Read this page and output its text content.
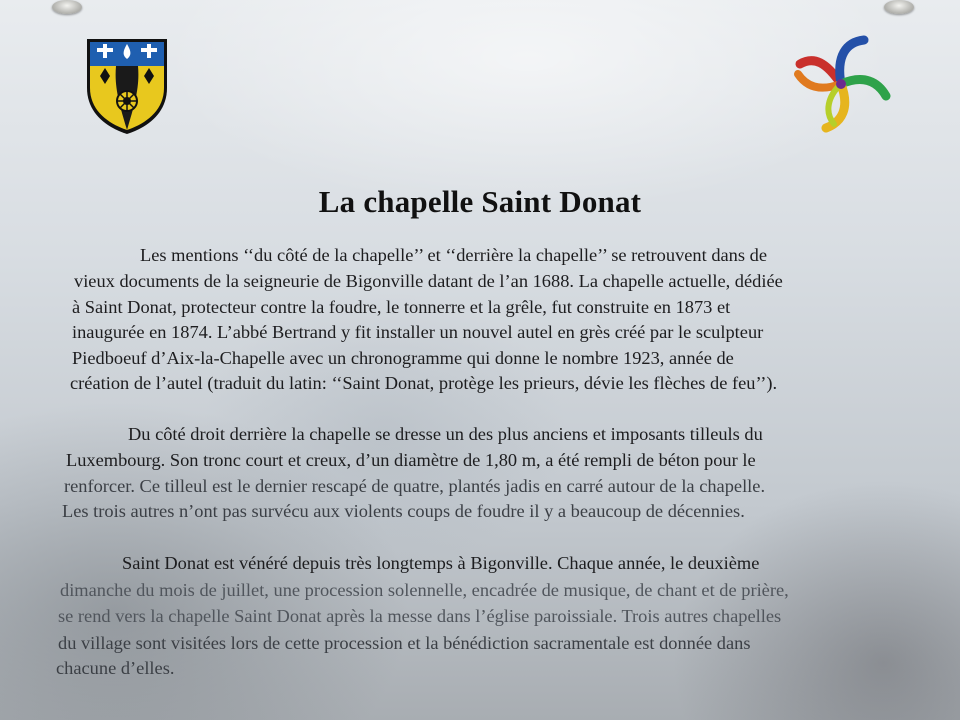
La chapelle Saint Donat
Les mentions ‘‘du côté de la chapelle’’ et ‘‘derrière la chapelle’’ se retrouvent dans de
vieux documents de la seigneurie de Bigonville datant de l’an 1688. La chapelle actuelle, dédiée
à Saint Donat, protecteur contre la foudre, le tonnerre et la grêle, fut construite en 1873 et
inaugurée en 1874. L’abbé Bertrand y fit installer un nouvel autel en grès créé par le sculpteur
Piedboeuf d’Aix-la-Chapelle avec un chronogramme qui donne le nombre 1923, année de
création de l’autel (traduit du latin: ‘‘Saint Donat, protège les prieurs, dévie les flèches de feu’’).
Du côté droit derrière la chapelle se dresse un des plus anciens et imposants tilleuls du
Luxembourg. Son tronc court et creux, d’un diamètre de 1,80 m, a été rempli de béton pour le
renforcer. Ce tilleul est le dernier rescapé de quatre, plantés jadis en carré autour de la chapelle.
Les trois autres n’ont pas survécu aux violents coups de foudre il y a beaucoup de décennies.
Saint Donat est vénéré depuis très longtemps à Bigonville. Chaque année, le deuxième
dimanche du mois de juillet, une procession solennelle, encadrée de musique, de chant et de prière,
se rend vers la chapelle Saint Donat après la messe dans l’église paroissiale. Trois autres chapelles
du village sont visitées lors de cette procession et la bénédiction sacramentale est donnée dans
chacune d’elles.
